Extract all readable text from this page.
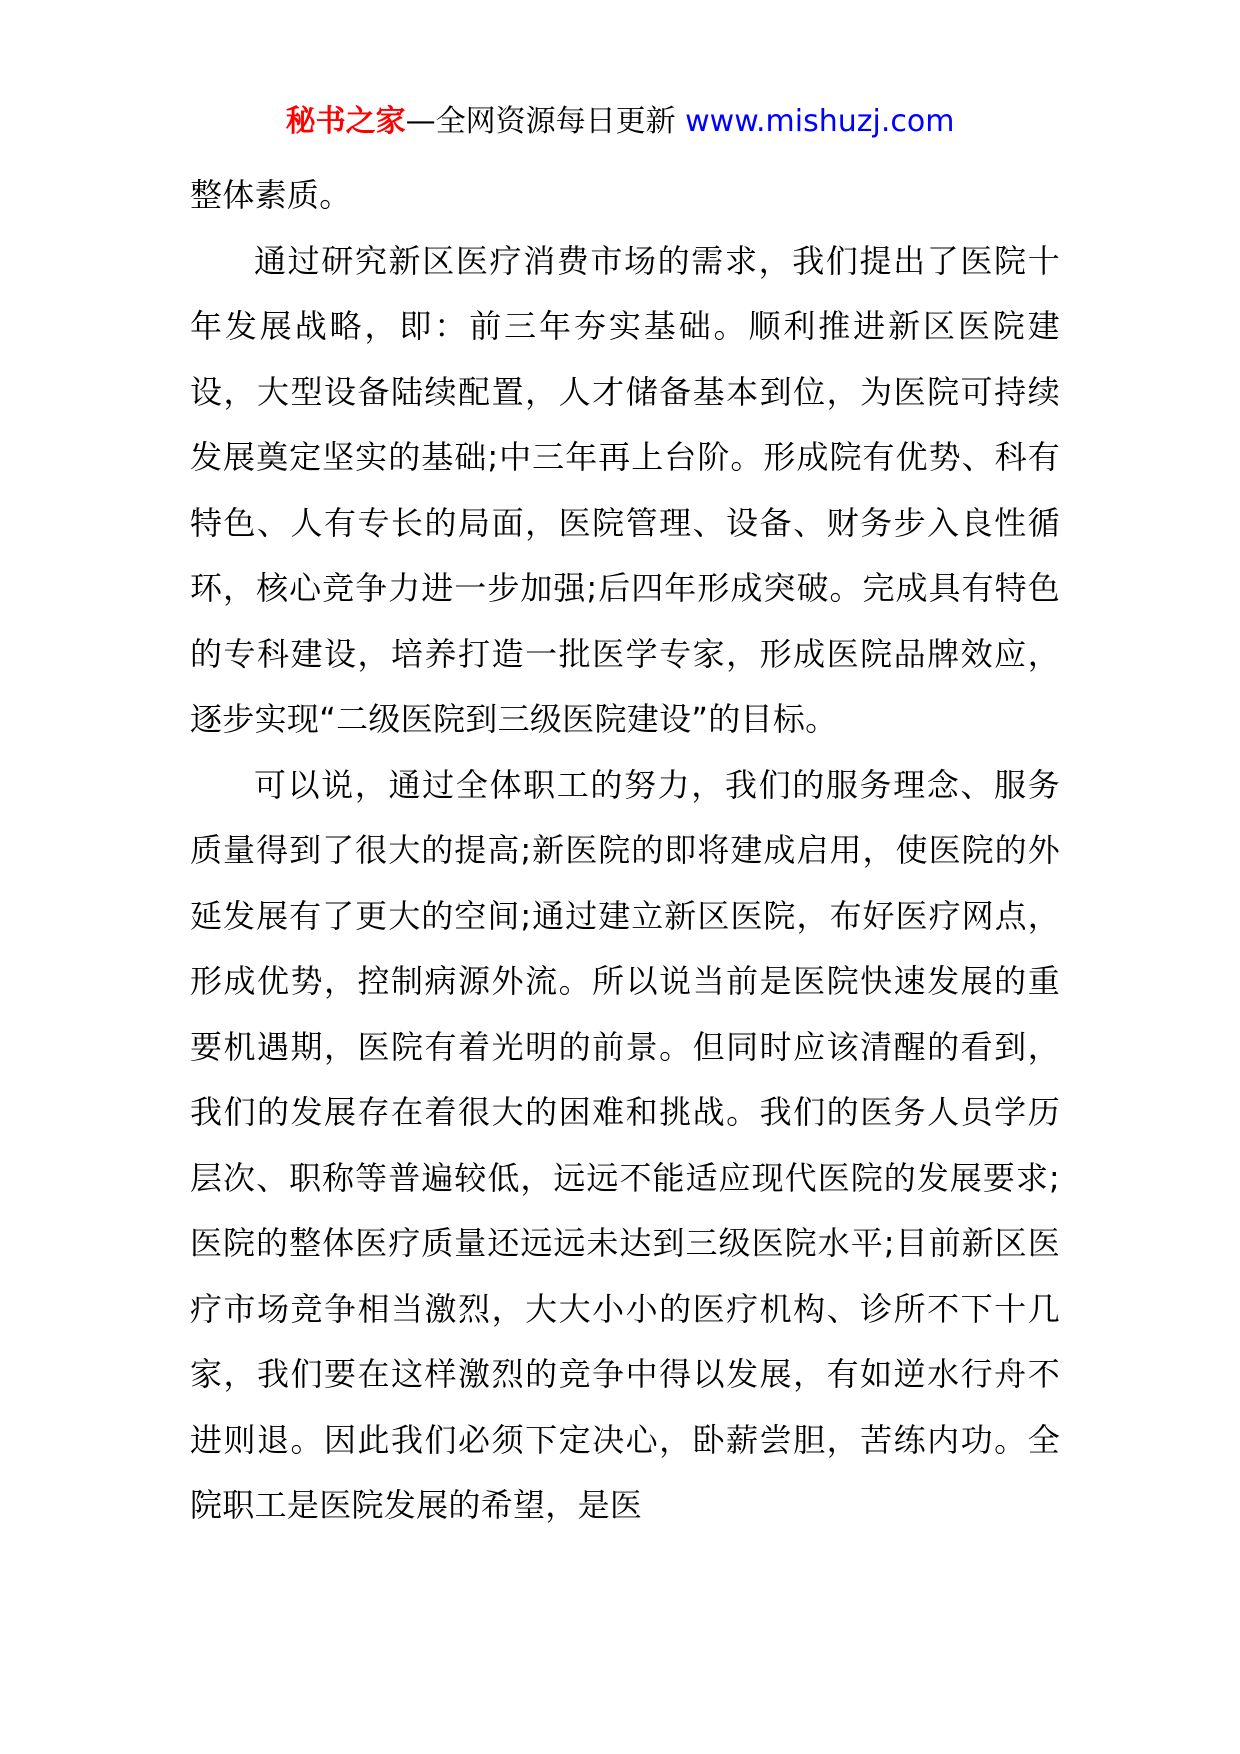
秘书之家—全网资源每日更新 www.mishuzj.com

整体素质。

通过研究新区医疗消费市场的需求，我们提出了医院十年发展战略，即：前三年夯实基础。顺利推进新区医院建设，大型设备陆续配置，人才储备基本到位，为医院可持续发展奠定坚实的基础;中三年再上台阶。形成院有优势、科有特色、人有专长的局面，医院管理、设备、财务步入良性循环，核心竞争力进一步加强;后四年形成突破。完成具有特色的专科建设，培养打造一批医学专家，形成医院品牌效应，逐步实现“二级医院到三级医院建设”的目标。

可以说，通过全体职工的努力，我们的服务理念、服务质量得到了很大的提高;新医院的即将建成启用，使医院的外延发展有了更大的空间;通过建立新区医院，布好医疗网点，形成优势，控制病源外流。所以说当前是医院快速发展的重要机遇期，医院有着光明的前景。但同时应该清醒的看到，我们的发展存在着很大的困难和挑战。我们的医务人员学历层次、职称等普遍较低，远远不能适应现代医院的发展要求;医院的整体医疗质量还远远未达到三级医院水平;目前新区医疗市场竞争相当激烈，大大小小的医疗机构、诊所不下十几家，我们要在这样激烈的竞争中得以发展，有如逆水行舟不进则退。因此我们必须下定决心，卧薪尝胆，苦练内功。全院职工是医院发展的希望，是医
